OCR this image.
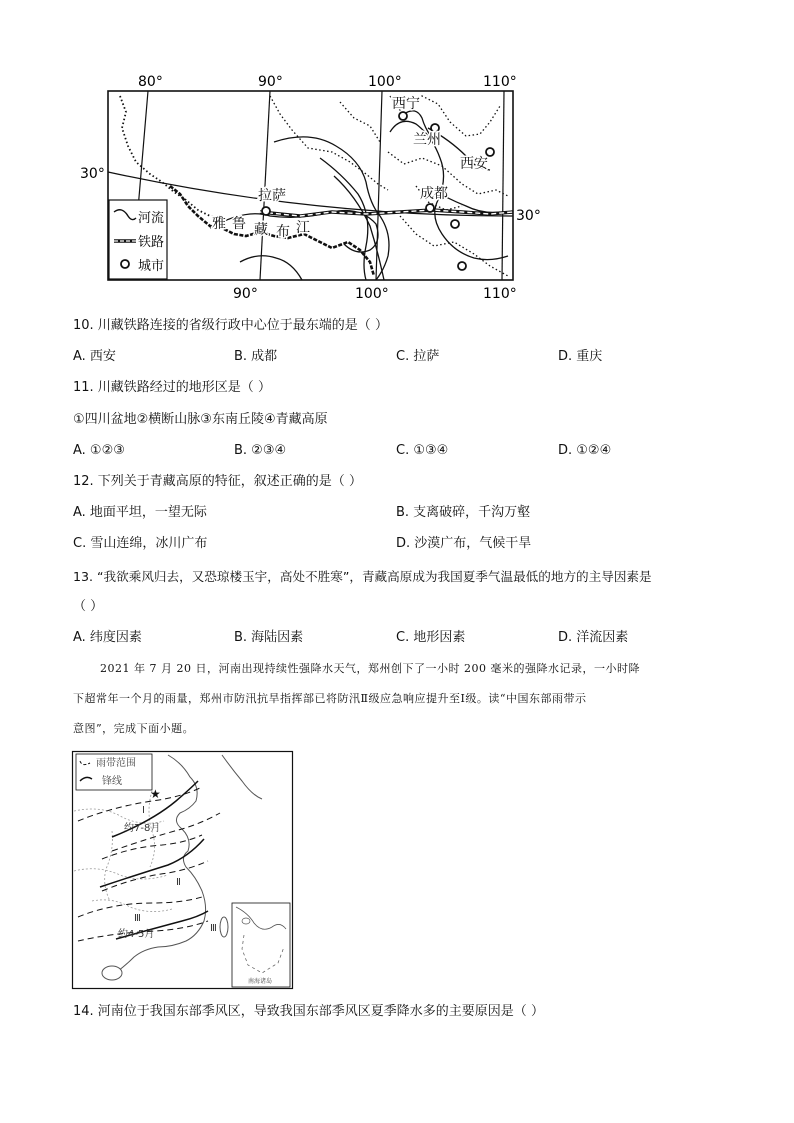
80°	90°	100°	110°
90°	100°	110°
30°
30°
西宁
兰州
西安
拉萨	成都
雅 鲁 藏 布 江
河流
铁路
城市
10. 川藏铁路连接的省级行政中心位于最东端的是（ ）
A. 西安	B. 成都	C. 拉萨	D. 重庆
11. 川藏铁路经过的地形区是（ ）
①四川盆地②横断山脉③东南丘陵④青藏高原
A. ①②③	B. ②③④	C. ①③④	D. ①②④
12. 下列关于青藏高原的特征，叙述正确的是（ ）
A. 地面平坦，一望无际	B. 支离破碎，千沟万壑
C. 雪山连绵，冰川广布	D. 沙漠广布，气候干旱
13. “我欲乘风归去，又恐琼楼玉宇，高处不胜寒”，青藏高原成为我国夏季气温最低的地方的主导因素是
（ ）
A. 纬度因素	B. 海陆因素	C. 地形因素	D. 洋流因素
2021 年 7 月 20 日，河南出现持续性强降水天气，郑州创下了一小时 200 毫米的强降水记录，一小时降
下超常年一个月的雨量，郑州市防汛抗旱指挥部已将防汛Ⅱ级应急响应提升至Ⅰ级。读“中国东部雨带示
意图”，完成下面小题。
雨带范围
锋线
★
Ⅰ
约7-8月
Ⅱ
Ⅲ
约4-5月
Ⅲ
南海诸岛
14. 河南位于我国东部季风区，导致我国东部季风区夏季降水多的主要原因是（ ）
